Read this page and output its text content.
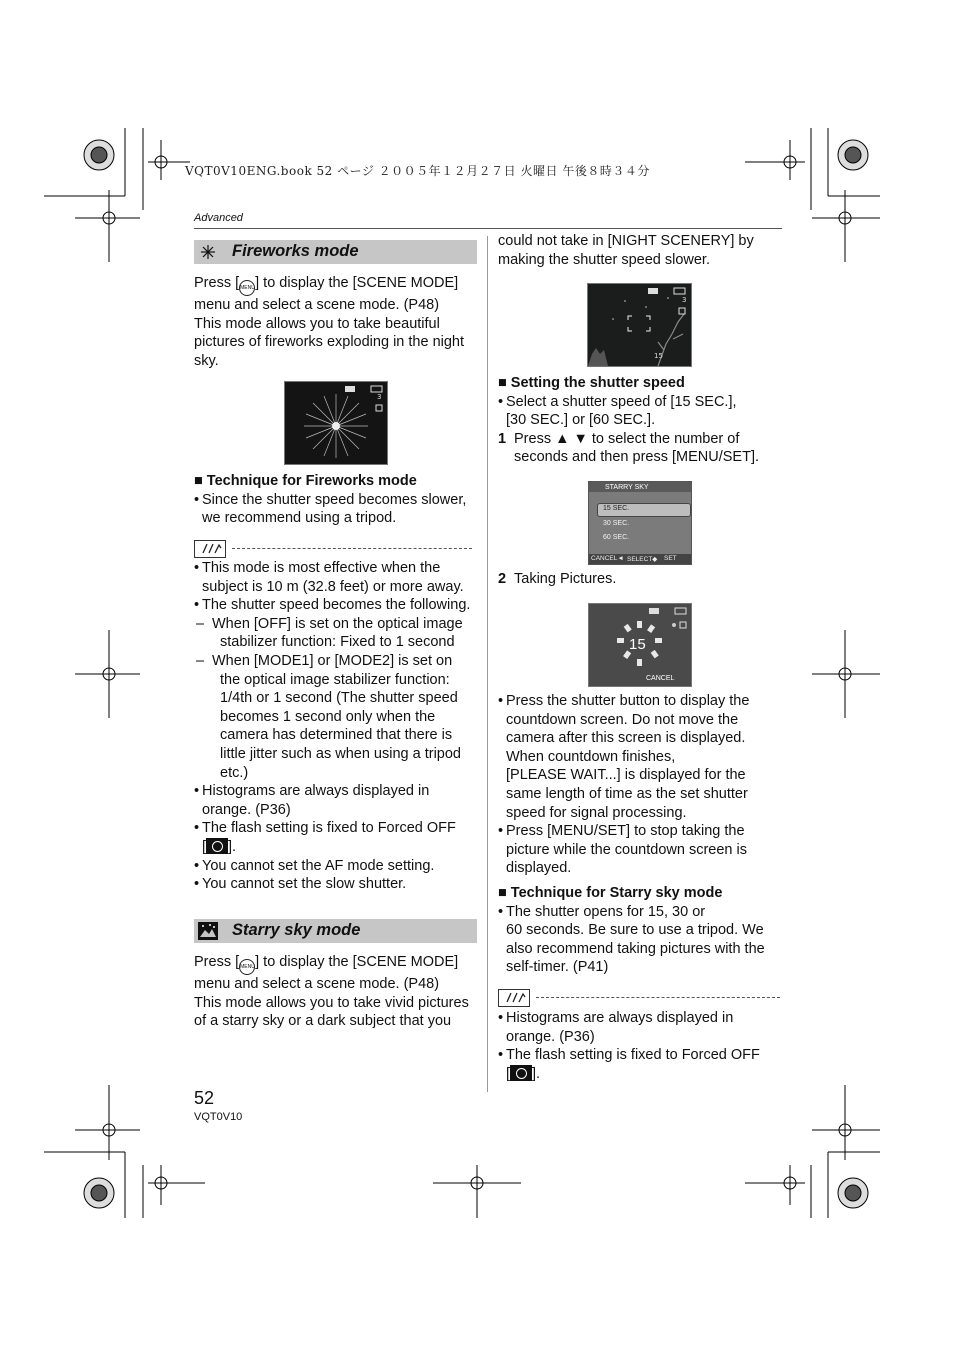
VQT0V10ENG.book 52 ページ ２００５年１２月２７日 火曜日 午後８時３４分
Advanced
Fireworks mode

Press [MENU] to display the [SCENE MODE]

menu and select a scene mode. (P48)

This mode allows you to take beautiful

pictures of fireworks exploding in the night

sky.

3

■ Technique for Fireworks mode

• Since the shutter speed becomes slower,

we recommend using a tripod.

• This mode is most effective when the

subject is 10 m (32.8 feet) or more away.

• The shutter speed becomes the following.

– When [OFF] is set on the optical image

stabilizer function: Fixed to 1 second

– When [MODE1] or [MODE2] is set on

the optical image stabilizer function:

1/4th or 1 second (The shutter speed

becomes 1 second only when the

camera has determined that there is

little jitter such as when using a tripod

etc.)

• Histograms are always displayed in

orange. (P36)

• The flash setting is fixed to Forced OFF

[ ].

• You cannot set the AF mode setting.

• You cannot set the slow shutter.

Starry sky mode

Press [MENU] to display the [SCENE MODE]

menu and select a scene mode. (P48)

This mode allows you to take vivid pictures

of a starry sky or a dark subject that you

52
VQT0V10

could not take in [NIGHT SCENERY] by

making the shutter speed slower.

3
15

■ Setting the shutter speed

• Select a shutter speed of [15 SEC.],

[30 SEC.] or [60 SEC.].

1 Press ▲ ▼ to select the number of

seconds and then press [MENU/SET].

STARRY SKY
15 SEC.
30 SEC.
60 SEC.
CANCEL◄ SELECT◆ SET

2 Taking Pictures.

15
CANCEL

• Press the shutter button to display the

countdown screen. Do not move the

camera after this screen is displayed.

When countdown finishes,

[PLEASE WAIT...] is displayed for the

same length of time as the set shutter

speed for signal processing.

• Press [MENU/SET] to stop taking the

picture while the countdown screen is

displayed.

■ Technique for Starry sky mode

• The shutter opens for 15, 30 or

60 seconds. Be sure to use a tripod. We

also recommend taking pictures with the

self-timer. (P41)

• Histograms are always displayed in

orange. (P36)

• The flash setting is fixed to Forced OFF

[ ].
